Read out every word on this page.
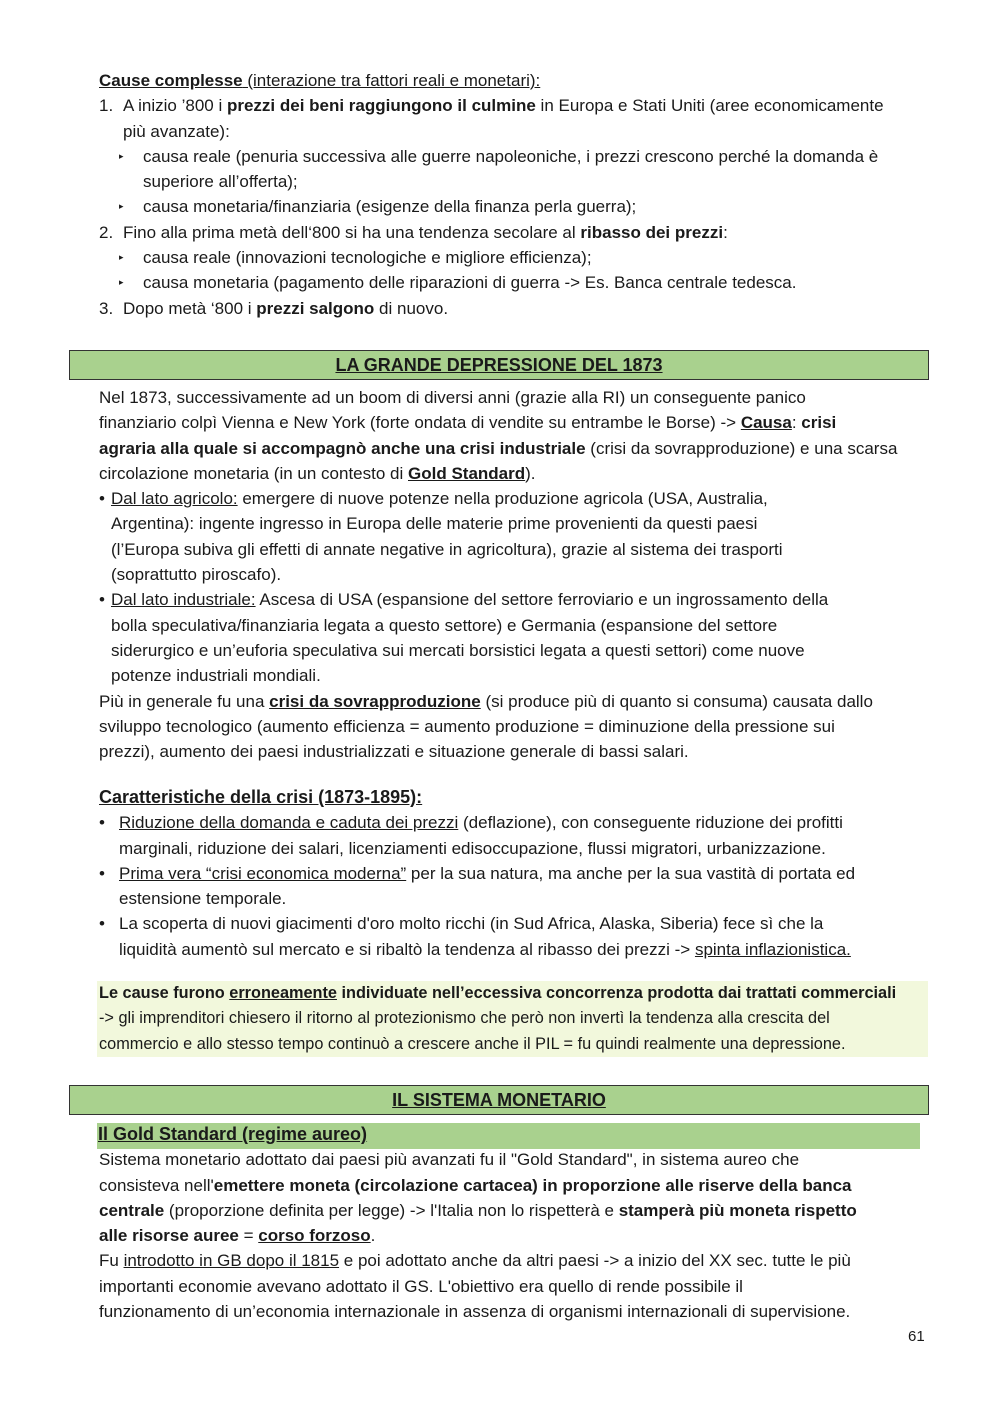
Cause complesse (interazione tra fattori reali e monetari):

1. A inizio ’800 i prezzi dei beni raggiungono il culmine in Europa e Stati Uniti (aree economicamente

più avanzate):

▸ causa reale (penuria successiva alle guerre napoleoniche, i prezzi crescono perché la domanda è

superiore all’offerta);

▸ causa monetaria/finanziaria (esigenze della finanza perla guerra);

2. Fino alla prima metà dell‘800 si ha una tendenza secolare al ribasso dei prezzi:

▸ causa reale (innovazioni tecnologiche e migliore efficienza);

▸ causa monetaria (pagamento delle riparazioni di guerra -> Es. Banca centrale tedesca.

3. Dopo metà ‘800 i prezzi salgono di nuovo.

LA GRANDE DEPRESSIONE DEL 1873

Nel 1873, successivamente ad un boom di diversi anni (grazie alla RI) un conseguente panico
finanziario colpì Vienna e New York (forte ondata di vendite su entrambe le Borse) -> Causa: crisi
agraria alla quale si accompagnò anche una crisi industriale (crisi da sovrapproduzione) e una scarsa
circolazione monetaria (in un contesto di Gold Standard).

• Dal lato agricolo: emergere di nuove potenze nella produzione agricola (USA, Australia,
Argentina): ingente ingresso in Europa delle materie prime provenienti da questi paesi
(l’Europa subiva gli effetti di annate negative in agricoltura), grazie al sistema dei trasporti
(soprattutto piroscafo).
• Dal lato industriale: Ascesa di USA (espansione del settore ferroviario e un ingrossamento della
bolla speculativa/finanziaria legata a questo settore) e Germania (espansione del settore
siderurgico e un’euforia speculativa sui mercati borsistici legata a questi settori) come nuove
potenze industriali mondiali.

Più in generale fu una crisi da sovrapproduzione (si produce più di quanto si consuma) causata dallo
sviluppo tecnologico (aumento efficienza = aumento produzione = diminuzione della pressione sui
prezzi), aumento dei paesi industrializzati e situazione generale di bassi salari.

Caratteristiche della crisi (1873-1895):

• Riduzione della domanda e caduta dei prezzi (deflazione), con conseguente riduzione dei profitti
marginali, riduzione dei salari, licenziamenti edisoccupazione, flussi migratori, urbanizzazione.
• Prima vera “crisi economica moderna” per la sua natura, ma anche per la sua vastità di portata ed
estensione temporale.
• La scoperta di nuovi giacimenti d'oro molto ricchi (in Sud Africa, Alaska, Siberia) fece sì che la
liquidità aumentò sul mercato e si ribaltò la tendenza al ribasso dei prezzi -> spinta inflazionistica.
Le cause furono erroneamente individuate nell’eccessiva concorrenza prodotta dai trattati commerciali
-> gli imprenditori chiesero il ritorno al protezionismo che però non invertì la tendenza alla crescita del
commercio e allo stesso tempo continuò a crescere anche il PIL = fu quindi realmente una depressione.
IL SISTEMA MONETARIO

Il Gold Standard (regime aureo)

Sistema monetario adottato dai paesi più avanzati fu il "Gold Standard", in sistema aureo che
consisteva nell'emettere moneta (circolazione cartacea) in proporzione alle riserve della banca
centrale (proporzione definita per legge) -> l'Italia non lo rispetterà e stamperà più moneta rispetto
alle risorse auree = corso forzoso.

Fu introdotto in GB dopo il 1815 e poi adottato anche da altri paesi -> a inizio del XX sec. tutte le più
importanti economie avevano adottato il GS. L'obiettivo era quello di rende possibile il
funzionamento di un’economia internazionale in assenza di organismi internazionali di supervisione.

61
